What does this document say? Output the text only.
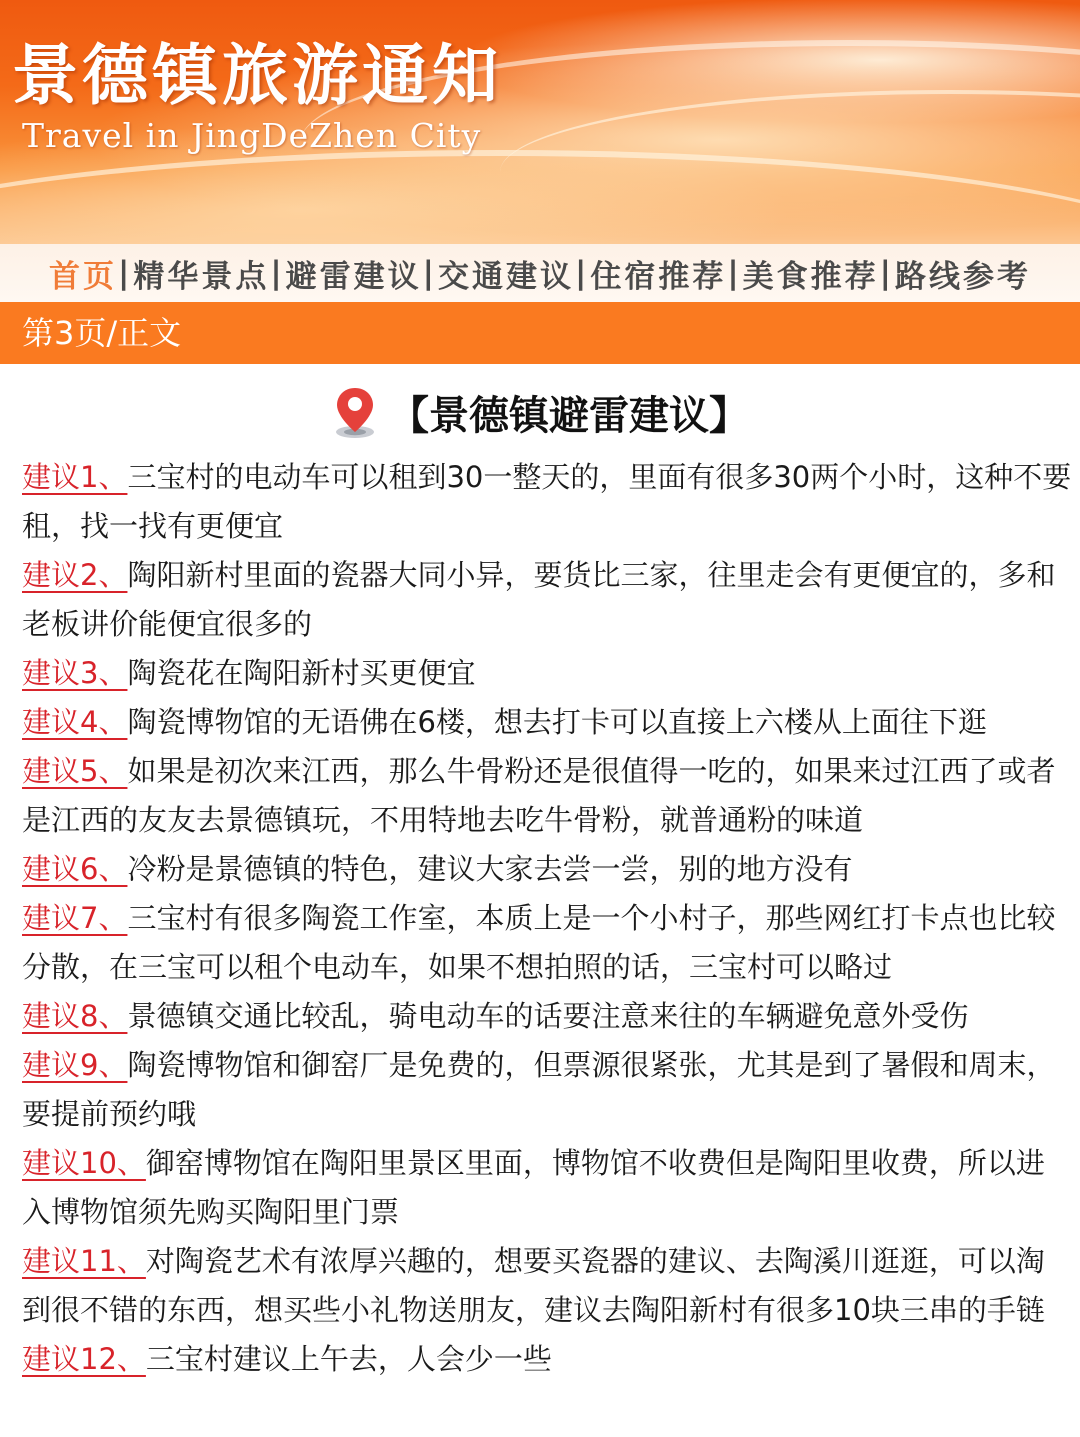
景德镇旅游通知
Travel in JingDeZhen City
首页 | 精华景点 | 避雷建议 | 交通建议 | 住宿推荐 | 美食推荐 | 路线参考
第3页/正文
【景德镇避雷建议】

建议1、三宝村的电动车可以租到30一整天的，里面有很多30两个小时，这种不要租，找一找有更便宜

建议2、陶阳新村里面的瓷器大同小异，要货比三家，往里走会有更便宜的，多和老板讲价能便宜很多的

建议3、陶瓷花在陶阳新村买更便宜

建议4、陶瓷博物馆的无语佛在6楼，想去打卡可以直接上六楼从上面往下逛

建议5、如果是初次来江西，那么牛骨粉还是很值得一吃的，如果来过江西了或者是江西的友友去景德镇玩，不用特地去吃牛骨粉，就普通粉的味道

建议6、冷粉是景德镇的特色，建议大家去尝一尝，别的地方没有

建议7、三宝村有很多陶瓷工作室，本质上是一个小村子，那些网红打卡点也比较分散，在三宝可以租个电动车，如果不想拍照的话，三宝村可以略过

建议8、景德镇交通比较乱，骑电动车的话要注意来往的车辆避免意外受伤

建议9、陶瓷博物馆和御窑厂是免费的，但票源很紧张，尤其是到了暑假和周末，要提前预约哦

建议10、御窑博物馆在陶阳里景区里面，博物馆不收费但是陶阳里收费，所以进入博物馆须先购买陶阳里门票

建议11、对陶瓷艺术有浓厚兴趣的，想要买瓷器的建议、去陶溪川逛逛，可以淘到很不错的东西，想买些小礼物送朋友，建议去陶阳新村有很多10块三串的手链

建议12、三宝村建议上午去，人会少一些
